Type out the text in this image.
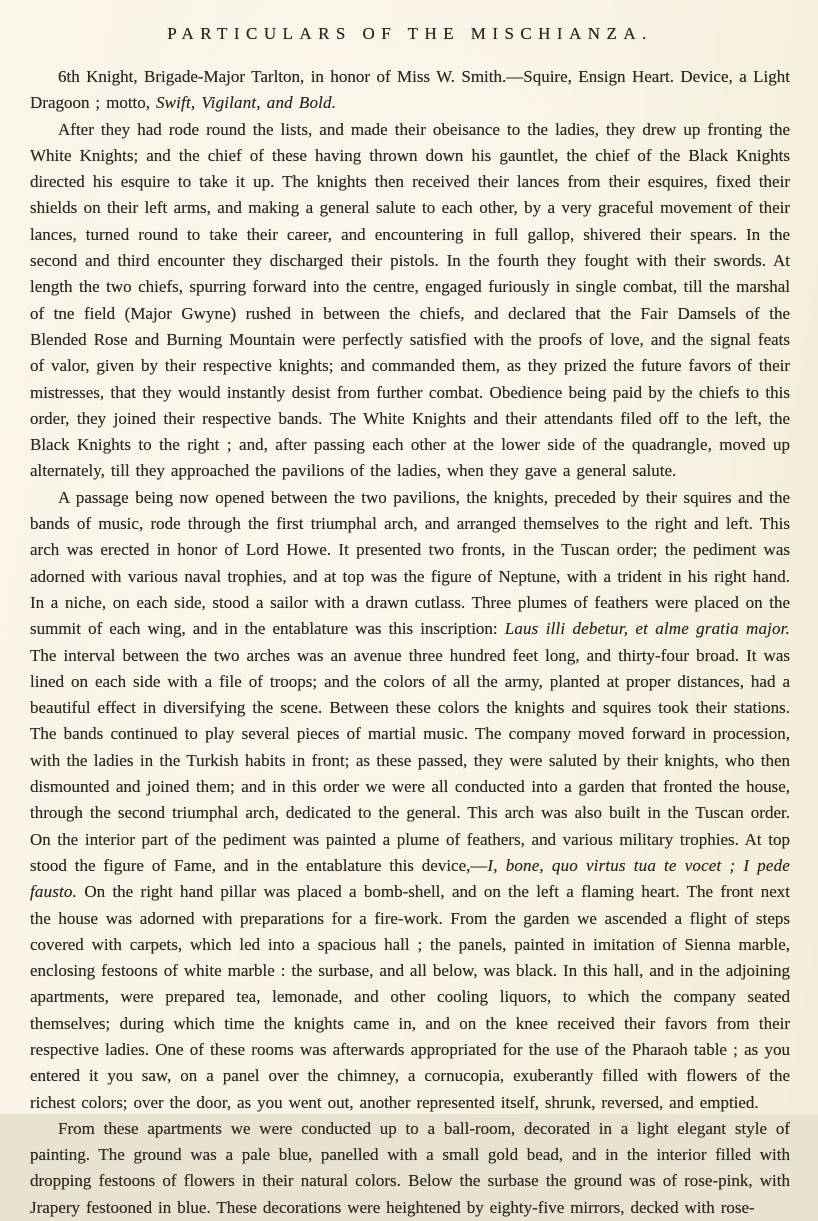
PARTICULARS OF THE MISCHIANZA.

6th Knight, Brigade-Major Tarlton, in honor of Miss W. Smith.—Squire, Ensign Heart. Device, a Light Dragoon ; motto, Swift, Vigilant, and Bold.

After they had rode round the lists, and made their obeisance to the ladies, they drew up fronting the White Knights; and the chief of these having thrown down his gauntlet, the chief of the Black Knights directed his esquire to take it up. The knights then received their lances from their esquires, fixed their shields on their left arms, and making a general salute to each other, by a very graceful movement of their lances, turned round to take their career, and encountering in full gallop, shivered their spears. In the second and third encounter they discharged their pistols. In the fourth they fought with their swords. At length the two chiefs, spurring forward into the centre, engaged furiously in single combat, till the marshal of tne field (Major Gwyne) rushed in between the chiefs, and declared that the Fair Damsels of the Blended Rose and Burning Mountain were perfectly satisfied with the proofs of love, and the signal feats of valor, given by their respective knights; and commanded them, as they prized the future favors of their mistresses, that they would instantly desist from further combat. Obedience being paid by the chiefs to this order, they joined their respective bands. The White Knights and their attendants filed off to the left, the Black Knights to the right ; and, after passing each other at the lower side of the quadrangle, moved up alternately, till they approached the pavilions of the ladies, when they gave a general salute.

A passage being now opened between the two pavilions, the knights, preceded by their squires and the bands of music, rode through the first triumphal arch, and arranged themselves to the right and left. This arch was erected in honor of Lord Howe. It presented two fronts, in the Tuscan order; the pediment was adorned with various naval trophies, and at top was the figure of Neptune, with a trident in his right hand. In a niche, on each side, stood a sailor with a drawn cutlass. Three plumes of feathers were placed on the summit of each wing, and in the entablature was this inscription: Laus illi debetur, et alme gratia major. The interval between the two arches was an avenue three hundred feet long, and thirty-four broad. It was lined on each side with a file of troops; and the colors of all the army, planted at proper distances, had a beautiful effect in diversifying the scene. Between these colors the knights and squires took their stations. The bands continued to play several pieces of martial music. The company moved forward in procession, with the ladies in the Turkish habits in front; as these passed, they were saluted by their knights, who then dismounted and joined them; and in this order we were all conducted into a garden that fronted the house, through the second triumphal arch, dedicated to the general. This arch was also built in the Tuscan order. On the interior part of the pediment was painted a plume of feathers, and various military trophies. At top stood the figure of Fame, and in the entablature this device,—I, bone, quo virtus tua te vocet ; I pede fausto. On the right hand pillar was placed a bomb-shell, and on the left a flaming heart. The front next the house was adorned with preparations for a fire-work. From the garden we ascended a flight of steps covered with carpets, which led into a spacious hall ; the panels, painted in imitation of Sienna marble, enclosing festoons of white marble : the surbase, and all below, was black. In this hall, and in the adjoining apartments, were prepared tea, lemonade, and other cooling liquors, to which the company seated themselves; during which time the knights came in, and on the knee received their favors from their respective ladies. One of these rooms was afterwards appropriated for the use of the Pharaoh table ; as you entered it you saw, on a panel over the chimney, a cornucopia, exuberantly filled with flowers of the richest colors; over the door, as you went out, another represented itself, shrunk, reversed, and emptied.

From these apartments we were conducted up to a ball-room, decorated in a light elegant style of painting. The ground was a pale blue, panelled with a small gold bead, and in the interior filled with dropping festoons of flowers in their natural colors. Below the surbase the ground was of rose-pink, with Jrapery festooned in blue. These decorations were heightened by eighty-five mirrors, decked with rose-
